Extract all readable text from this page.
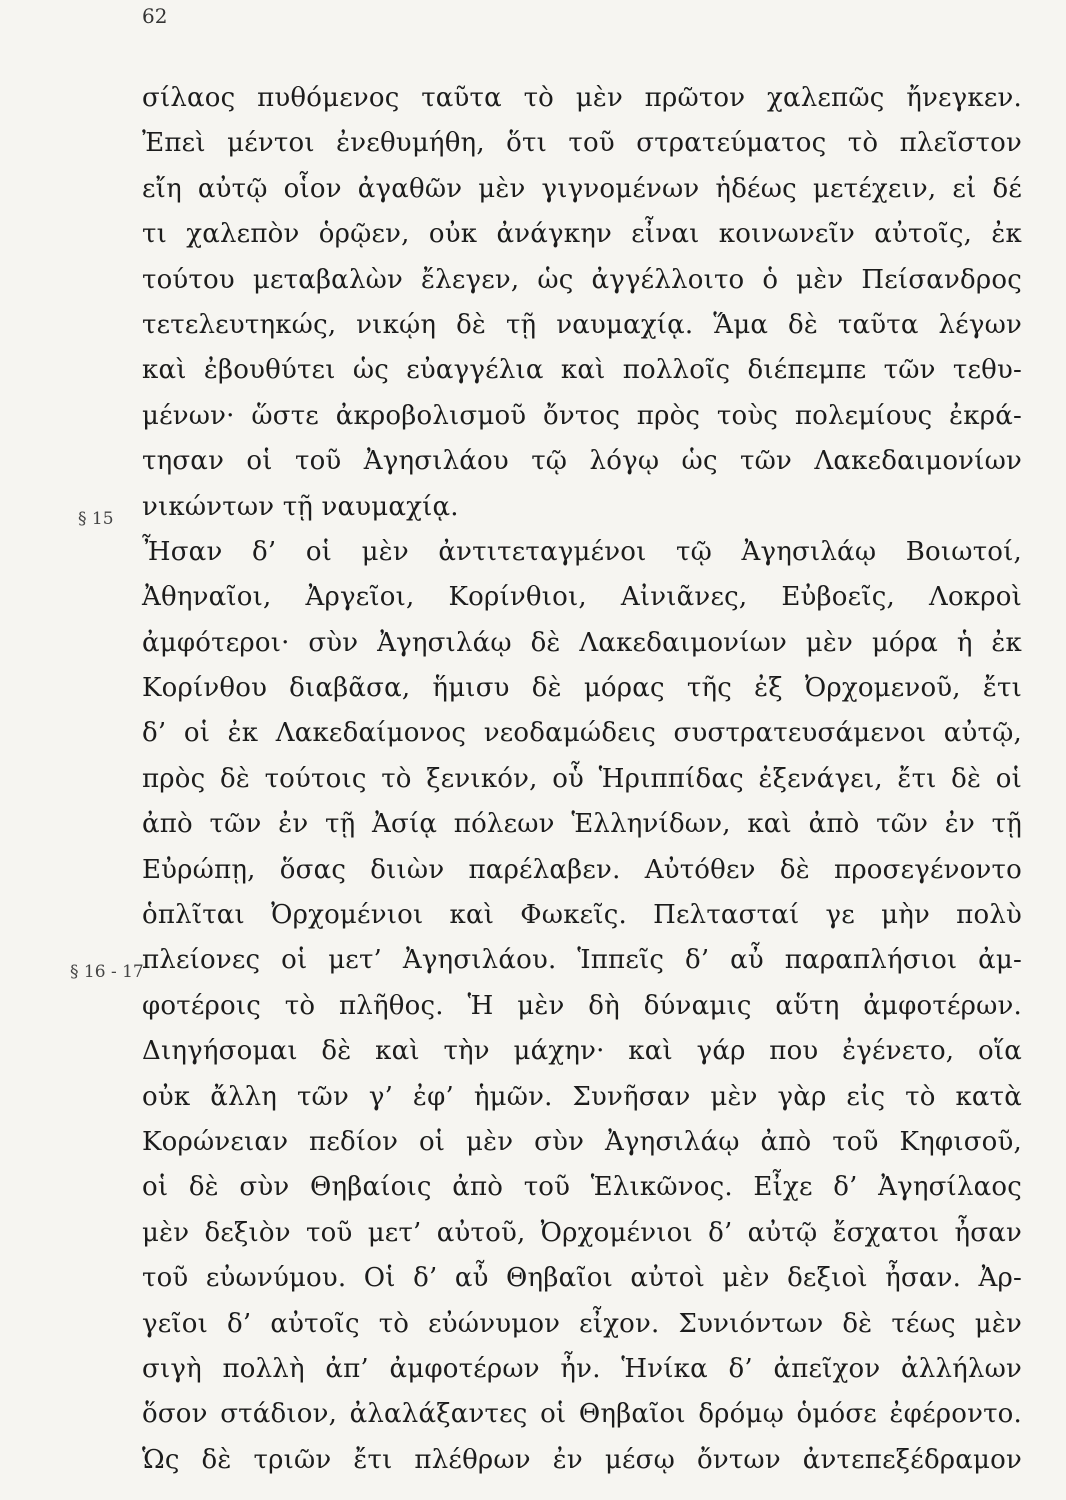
62
§ 15
§ 16 - 17
σίλαος πυθόμενος ταῦτα τὸ μὲν πρῶτον χαλεπῶς ἤνεγκεν.
Ἐπεὶ μέντοι ἐνεθυμήθη, ὅτι τοῦ στρατεύματος τὸ πλεῖστον
εἴη αὐτῷ οἷον ἀγαθῶν μὲν γιγνομένων ἡδέως μετέχειν, εἰ δέ
τι χαλεπὸν ὁρῷεν, οὐκ ἀνάγκην εἶναι κοινωνεῖν αὐτοῖς, ἐκ
τούτου μεταβαλὼν ἔλεγεν, ὡς ἀγγέλλοιτο ὁ μὲν Πείσανδρος
τετελευτηκώς, νικῴη δὲ τῇ ναυμαχίᾳ. Ἅμα δὲ ταῦτα λέγων
καὶ ἐβουθύτει ὡς εὐαγγέλια καὶ πολλοῖς διέπεμπε τῶν τεθυ-
μένων· ὥστε ἀκροβολισμοῦ ὄντος πρὸς τοὺς πολεμίους ἐκρά-
τησαν οἱ τοῦ Ἀγησιλάου τῷ λόγῳ ὡς τῶν Λακεδαιμονίων
νικώντων τῇ ναυμαχίᾳ.
Ἦσαν δ’ οἱ μὲν ἀντιτεταγμένοι τῷ Ἀγησιλάῳ Βοιωτοί,
Ἀθηναῖοι, Ἀργεῖοι, Κορίνθιοι, Αἰνιᾶνες, Εὐβοεῖς, Λοκροὶ
ἀμφότεροι· σὺν Ἀγησιλάῳ δὲ Λακεδαιμονίων μὲν μόρα ἡ ἐκ
Κορίνθου διαβᾶσα, ἥμισυ δὲ μόρας τῆς ἐξ Ὀρχομενοῦ, ἔτι
δ’ οἱ ἐκ Λακεδαίμονος νεοδαμώδεις συστρατευσάμενοι αὐτῷ,
πρὸς δὲ τούτοις τὸ ξενικόν, οὗ Ἡριππίδας ἐξενάγει, ἔτι δὲ οἱ
ἀπὸ τῶν ἐν τῇ Ἀσίᾳ πόλεων Ἑλληνίδων, καὶ ἀπὸ τῶν ἐν τῇ
Εὐρώπῃ, ὅσας διιὼν παρέλαβεν. Αὐτόθεν δὲ προσεγένοντο
ὁπλῖται Ὀρχομένιοι καὶ Φωκεῖς. Πελτασταί γε μὴν πολὺ
πλείονες οἱ μετ’ Ἀγησιλάου. Ἱππεῖς δ’ αὖ παραπλήσιοι ἀμ-
φοτέροις τὸ πλῆθος. Ἡ μὲν δὴ δύναμις αὕτη ἀμφοτέρων.
Διηγήσομαι δὲ καὶ τὴν μάχην· καὶ γάρ που ἐγένετο, οἵα
οὐκ ἄλλη τῶν γ’ ἐφ’ ἡμῶν. Συνῆσαν μὲν γὰρ εἰς τὸ κατὰ
Κορώνειαν πεδίον οἱ μὲν σὺν Ἀγησιλάῳ ἀπὸ τοῦ Κηφισοῦ,
οἱ δὲ σὺν Θηβαίοις ἀπὸ τοῦ Ἑλικῶνος. Εἶχε δ’ Ἀγησίλαος
μὲν δεξιὸν τοῦ μετ’ αὐτοῦ, Ὀρχομένιοι δ’ αὐτῷ ἔσχατοι ἦσαν
τοῦ εὐωνύμου. Οἱ δ’ αὖ Θηβαῖοι αὐτοὶ μὲν δεξιοὶ ἦσαν. Ἀρ-
γεῖοι δ’ αὐτοῖς τὸ εὐώνυμον εἶχον. Συνιόντων δὲ τέως μὲν
σιγὴ πολλὴ ἀπ’ ἀμφοτέρων ἦν. Ἡνίκα δ’ ἀπεῖχον ἀλλήλων
ὅσον στάδιον, ἀλαλάξαντες οἱ Θηβαῖοι δρόμῳ ὁμόσε ἐφέροντο.
Ὡς δὲ τριῶν ἔτι πλέθρων ἐν μέσῳ ὄντων ἀντεπεξέδραμον
